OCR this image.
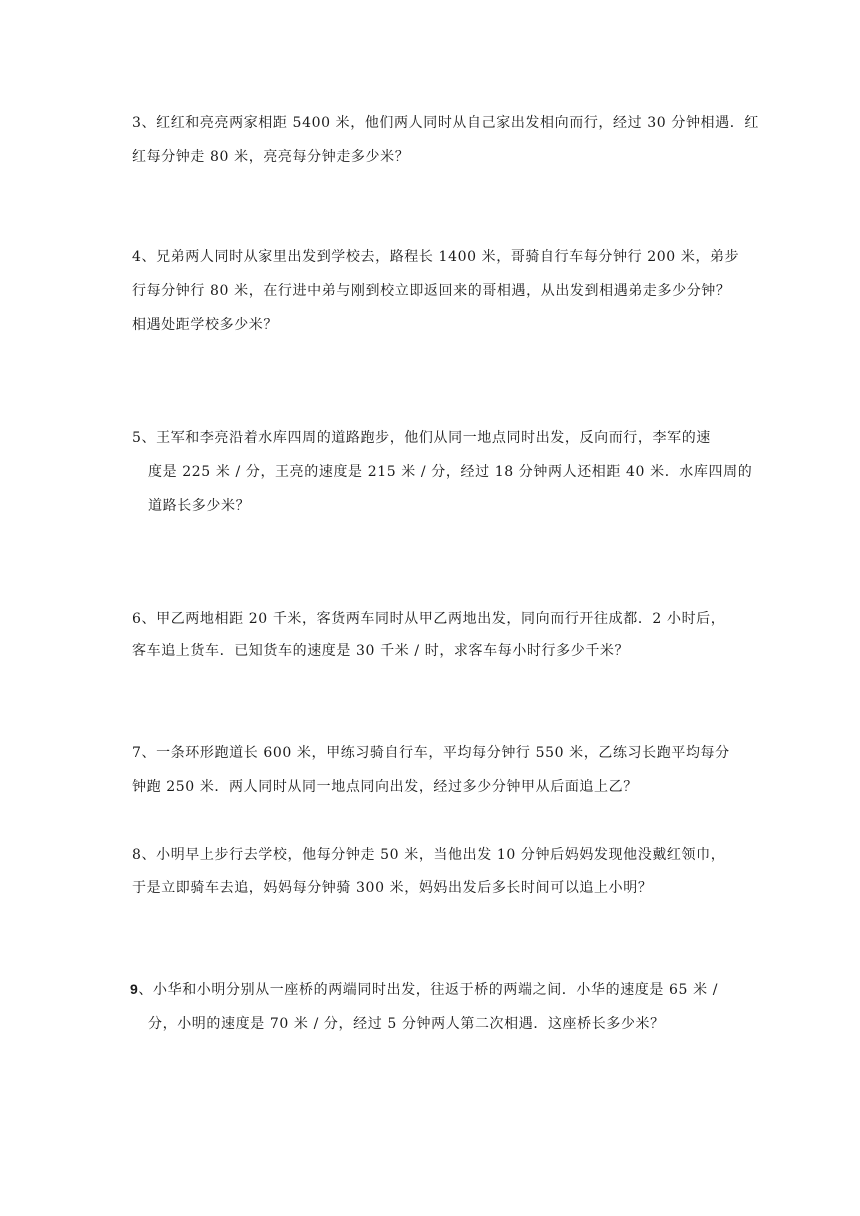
3、红红和亮亮两家相距 5400 米，他们两人同时从自己家出发相向而行，经过 30 分钟相遇．红
红每分钟走 80 米，亮亮每分钟走多少米？
4、兄弟两人同时从家里出发到学校去，路程长 1400 米，哥骑自行车每分钟行 200 米，弟步
行每分钟行 80 米，在行进中弟与刚到校立即返回来的哥相遇，从出发到相遇弟走多少分钟？
相遇处距学校多少米？
5、王军和李亮沿着水库四周的道路跑步，他们从同一地点同时出发，反向而行，李军的速
度是 225 米 / 分，王亮的速度是 215 米 / 分，经过 18 分钟两人还相距 40 米．水库四周的
道路长多少米？
6、甲乙两地相距 20 千米，客货两车同时从甲乙两地出发，同向而行开往成都．2 小时后，
客车追上货车．已知货车的速度是 30 千米 / 时，求客车每小时行多少千米？
7、一条环形跑道长 600 米，甲练习骑自行车，平均每分钟行 550 米，乙练习长跑平均每分
钟跑 250 米．两人同时从同一地点同向出发，经过多少分钟甲从后面追上乙？
8、小明早上步行去学校，他每分钟走 50 米，当他出发 10 分钟后妈妈发现他没戴红领巾，
于是立即骑车去追，妈妈每分钟骑 300 米，妈妈出发后多长时间可以追上小明？
9、小华和小明分别从一座桥的两端同时出发，往返于桥的两端之间．小华的速度是 65 米 /
分，小明的速度是 70 米 / 分，经过 5 分钟两人第二次相遇．这座桥长多少米？
